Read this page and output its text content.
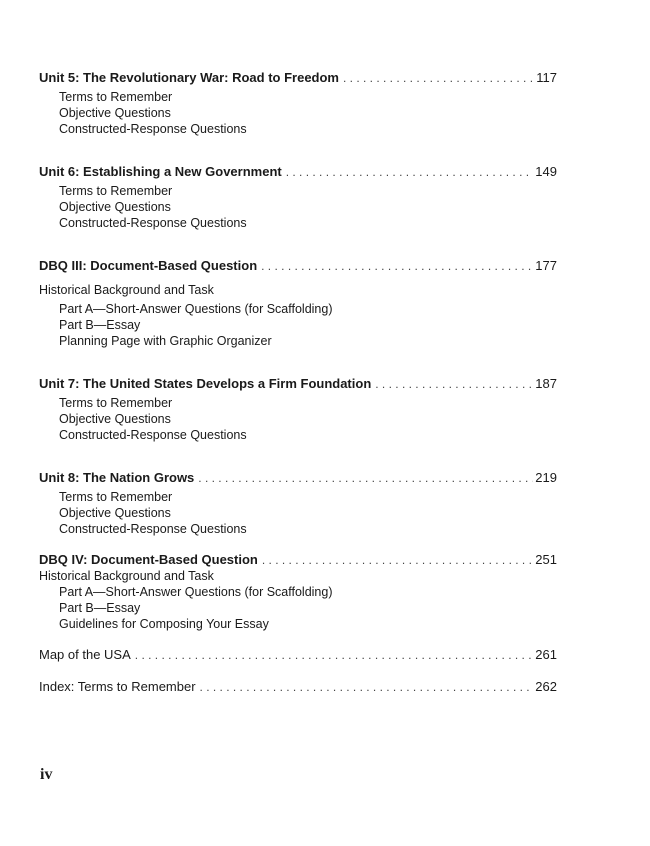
Unit 5: The Revolutionary War: Road to Freedom . . .	117
Terms to Remember
Objective Questions
Constructed-Response Questions
Unit 6: Establishing a New Government . . .	149
Terms to Remember
Objective Questions
Constructed-Response Questions
DBQ III: Document-Based Question . . .	177
Historical Background and Task
Part A—Short-Answer Questions (for Scaffolding)
Part B—Essay
Planning Page with Graphic Organizer
Unit 7: The United States Develops a Firm Foundation . . .	187
Terms to Remember
Objective Questions
Constructed-Response Questions
Unit 8: The Nation Grows . . .	219
Terms to Remember
Objective Questions
Constructed-Response Questions
DBQ IV: Document-Based Question . . .	251
Historical Background and Task
Part A—Short-Answer Questions (for Scaffolding)
Part B—Essay
Guidelines for Composing Your Essay
Map of the USA . . .	261
Index: Terms to Remember . . .	262
iv
